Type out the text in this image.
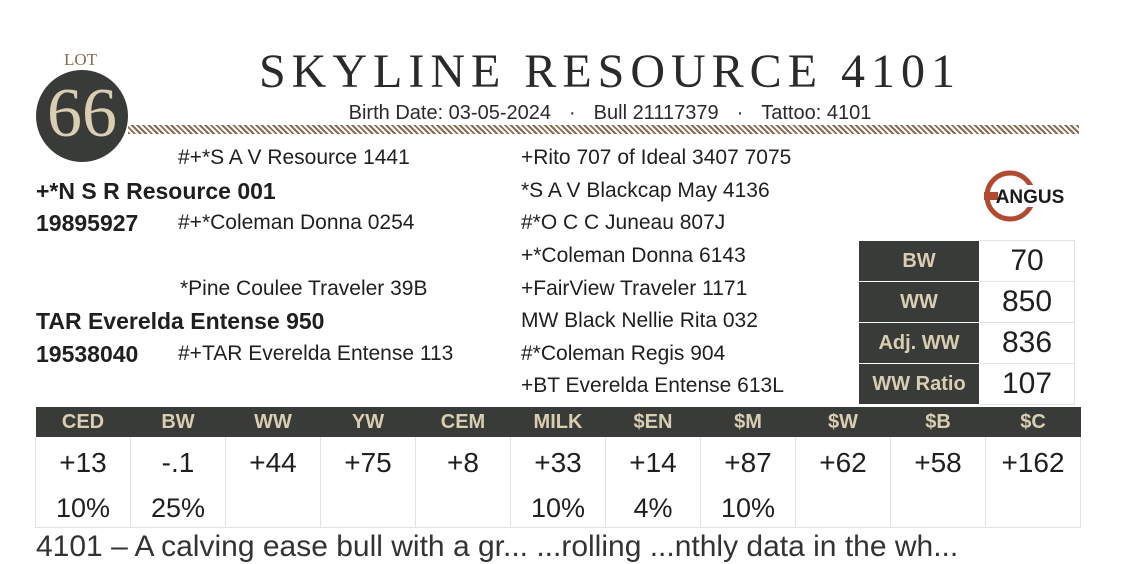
LOT
66
SKYLINE RESOURCE 4101
Birth Date: 03-05-2024 · Bull 21117379 · Tattoo: 4101
#+*S A V Resource 1441
+*N S R Resource 001
19895927 #+*Coleman Donna 0254
*Pine Coulee Traveler 39B
TAR Everelda Entense 950
19538040 #+TAR Everelda Entense 113
+Rito 707 of Ideal 3407 7075
*S A V Blackcap May 4136
#*O C C Juneau 807J
+*Coleman Donna 6143
+FairView Traveler 1171
MW Black Nellie Rita 032
#*Coleman Regis 904
+BT Everelda Entense 613L
ANGUS
BW	70
WW	850
Adj. WW	836
WW Ratio	107
CED	BW	WW	YW	CEM	MILK	$EN	$M	$W	$B	$C
+13	-.1	+44	+75	+8	+33	+14	+87	+62	+58	+162
10%	25%				10%	4%	10%			
4101 – A calving ease bull with a gr... ...rolling ...nthly data in the wh...
